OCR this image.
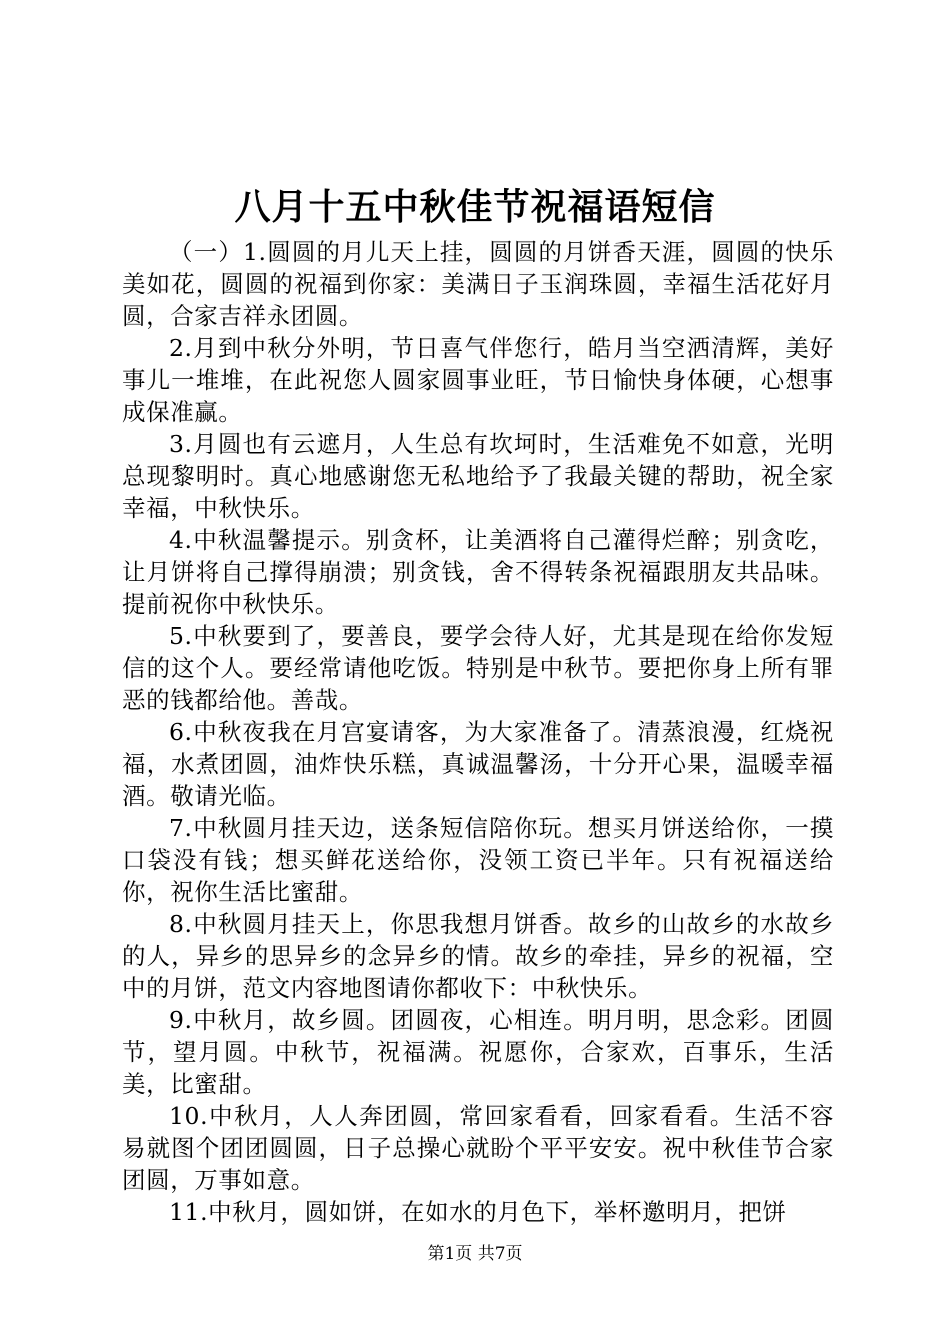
八月十五中秋佳节祝福语短信

（一）1.圆圆的月儿天上挂，圆圆的月饼香天涯，圆圆的快乐美如花，圆圆的祝福到你家：美满日子玉润珠圆，幸福生活花好月圆，合家吉祥永团圆。

2.月到中秋分外明，节日喜气伴您行，皓月当空洒清辉，美好事儿一堆堆，在此祝您人圆家圆事业旺，节日愉快身体硬，心想事成保准赢。

3.月圆也有云遮月，人生总有坎坷时，生活难免不如意，光明总现黎明时。真心地感谢您无私地给予了我最关键的帮助，祝全家幸福，中秋快乐。

4.中秋温馨提示。别贪杯，让美酒将自己灌得烂醉；别贪吃，让月饼将自己撑得崩溃；别贪钱，舍不得转条祝福跟朋友共品味。提前祝你中秋快乐。

5.中秋要到了，要善良，要学会待人好，尤其是现在给你发短信的这个人。要经常请他吃饭。特别是中秋节。要把你身上所有罪恶的钱都给他。善哉。

6.中秋夜我在月宫宴请客，为大家准备了。清蒸浪漫，红烧祝福，水煮团圆，油炸快乐糕，真诚温馨汤，十分开心果，温暖幸福酒。敬请光临。

7.中秋圆月挂天边，送条短信陪你玩。想买月饼送给你，一摸口袋没有钱；想买鲜花送给你，没领工资已半年。只有祝福送给你，祝你生活比蜜甜。

8.中秋圆月挂天上，你思我想月饼香。故乡的山故乡的水故乡的人，异乡的思异乡的念异乡的情。故乡的牵挂，异乡的祝福，空中的月饼，范文内容地图请你都收下：中秋快乐。

9.中秋月，故乡圆。团圆夜，心相连。明月明，思念彩。团圆节，望月圆。中秋节，祝福满。祝愿你，合家欢，百事乐，生活美，比蜜甜。

10.中秋月，人人奔团圆，常回家看看，回家看看。生活不容易就图个团团圆圆，日子总操心就盼个平平安安。祝中秋佳节合家团圆，万事如意。

11.中秋月，圆如饼，在如水的月色下，举杯邀明月，把饼

第1页 共7页
